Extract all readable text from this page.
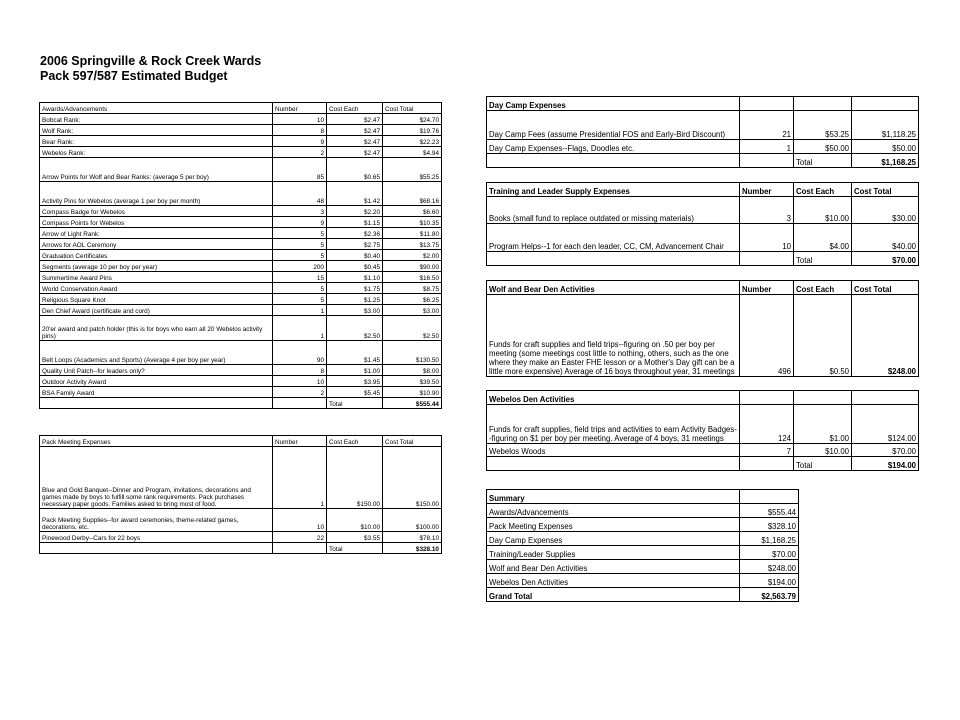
2006 Springville & Rock Creek Wards Pack 597/587 Estimated Budget
Awards/Advancements	Number	Cost Each	Cost Total
Bobcat Rank:	10	$2.47	$24.70
Wolf Rank:	8	$2.47	$19.76
Bear Rank:	9	$2.47	$22.23
Webelos Rank:	2	$2.47	$4.94
Arrow Points for Wolf and Bear Ranks: (average 5 per boy)	85	$0.65	$55.25
Activity Pins for Webelos (average 1 per boy per month)	48	$1.42	$68.16
Compass Badge for Webelos	3	$2.20	$6.60
Compass Points for Webelos	9	$1.15	$10.35
Arrow of Light Rank:	5	$2.36	$11.80
Arrows for AOL Ceremony	5	$2.75	$13.75
Graduation Certificates	5	$0.40	$2.00
Segments (average 10 per boy per year)	200	$0.45	$90.00
Summertime Award Pins	15	$1.10	$16.50
World Conservation Award	5	$1.75	$8.75
Religious Square Knot	5	$1.25	$6.25
Den Chief Award (certificate and cord)	1	$3.00	$3.00
20'er award and patch holder (this is for boys who earn all 20 Webelos activity pins)	1	$2.50	$2.50
Belt Loops (Academics and Sports) (Average 4 per boy per year)	90	$1.45	$130.50
Quality Unit Patch--for leaders only?	8	$1.00	$8.00
Outdoor Activity Award	10	$3.95	$39.50
BSA Family Award	2	$5.45	$10.90
		Total	$555.44
Pack Meeting Expenses	Number	Cost Each	Cost Total
Blue and Gold Banquet--Dinner and Program, invitations, decorations and games made by boys to fulfill some rank requirements. Pack purchases necessary paper goods. Families asked to bring most of food.	1	$150.00	$150.00
Pack Meeting Supplies--for award ceremonies, theme-related games, decorations, etc.	10	$10.00	$100.00
Pinewood Derby--Cars for 22 boys	22	$3.55	$78.10
		Total	$328.10
Day Camp Expenses			
Day Camp Fees (assume Presidential FOS and Early-Bird Discount)	21	$53.25	$1,118.25
Day Camp Expenses--Flags, Doodles etc.	1	$50.00	$50.00
		Total	$1,168.25
Training and Leader Supply Expenses	Number	Cost Each	Cost Total
Books (small fund to replace outdated or missing materials)	3	$10.00	$30.00
Program Helps--1 for each den leader, CC, CM, Advancement Chair	10	$4.00	$40.00
		Total	$70.00
Wolf and Bear Den Activities	Number	Cost Each	Cost Total
Funds for craft supplies and field trips--figuring on .50 per boy per meeting (some meetings cost little to nothing, others, such as the one where they make an Easter FHE lesson or a Mother's Day gift can be a little more expensive) Average of 16 boys throughout year, 31 meetings	496	$0.50	$248.00
Webelos Den Activities			
Funds for craft supplies, field trips and activities to earn Activity Badges--figuring on $1 per boy per meeting. Average of 4 boys, 31 meetings	124	$1.00	$124.00
Webelos Woods	7	$10.00	$70.00
		Total	$194.00
Summary	
Awards/Advancements	$555.44
Pack Meeting Expenses	$328.10
Day Camp Expenses	$1,168.25
Training/Leader Supplies	$70.00
Wolf and Bear Den Activities	$248.00
Webelos Den Activities	$194.00
Grand Total	$2,563.79
